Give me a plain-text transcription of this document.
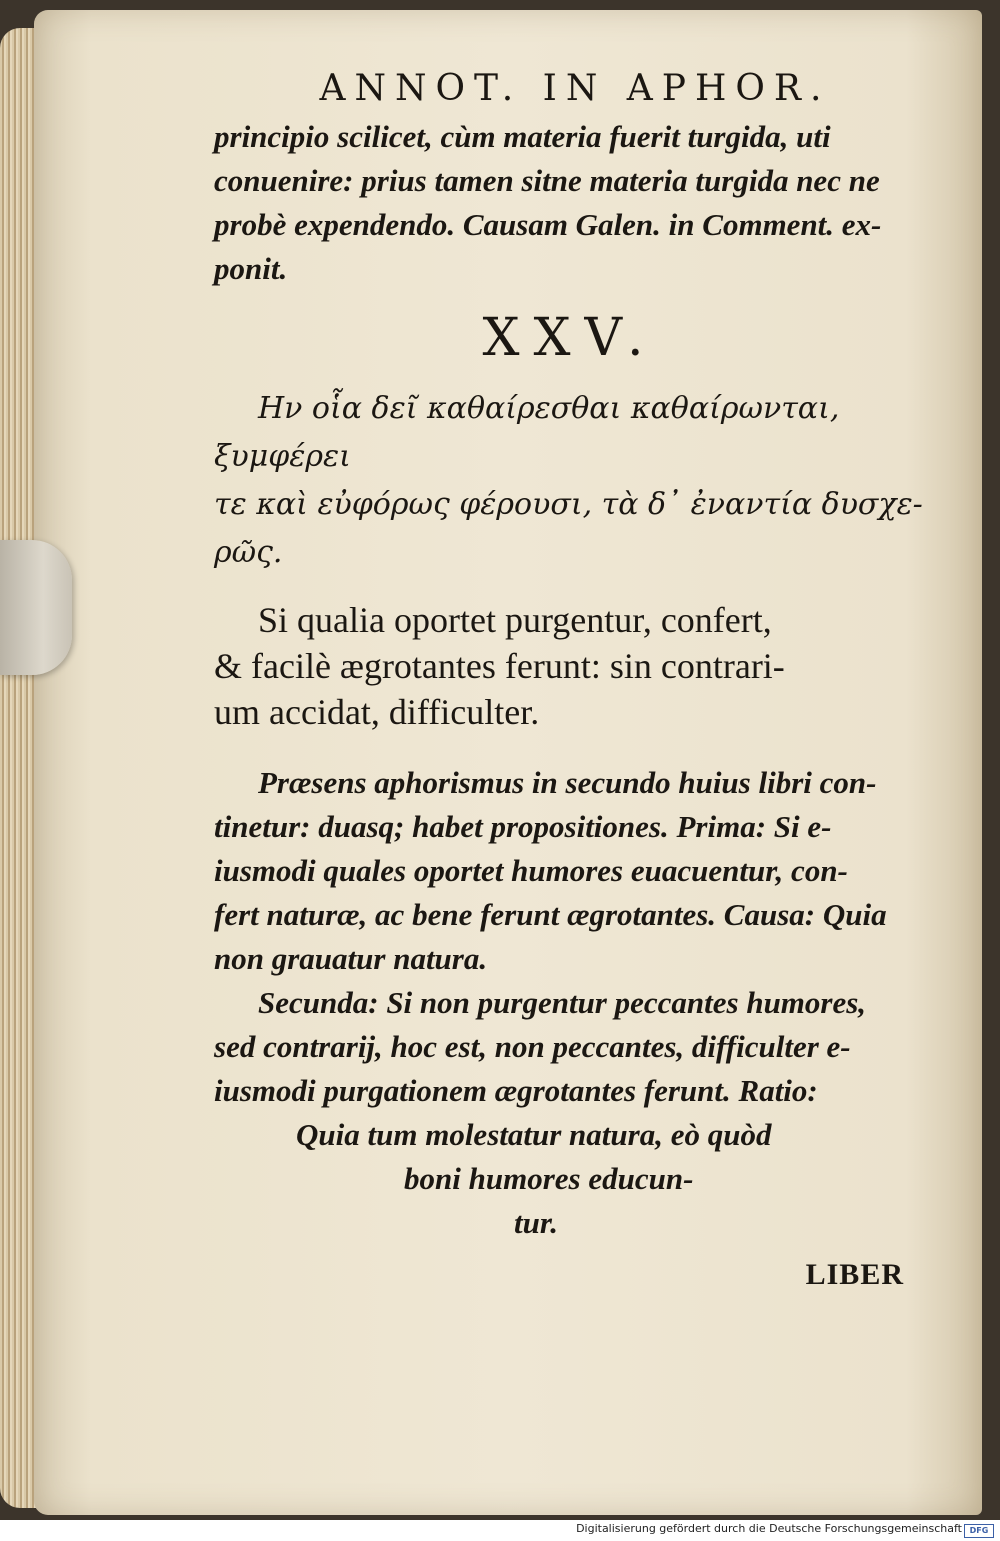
ANNOT. IN APHOR.

principio scilicet, cùm materia fuerit turgida, uti

conuenire: prius tamen sitne materia turgida nec ne

probè expendendo. Causam Galen. in Comment. ex-

ponit.

XXV.

Ην οἷα δεῖ καθαίρεσθαι καθαίρωνται, ξυμφέρει

τε καὶ εὐφόρως φέρουσι, τὰ δ᾽ ἐναντία δυσχε-

ρῶς.

Si qualia oportet purgentur, confert,

& facilè ægrotantes ferunt: sin contrari-

um accidat, difficulter.

Præsens aphorismus in secundo huius libri con-

tinetur: duasq; habet propositiones. Prima: Si e-

iusmodi quales oportet humores euacuentur, con-

fert naturæ, ac bene ferunt ægrotantes. Causa: Quia

non grauatur natura.

Secunda: Si non purgentur peccantes humores,

sed contrarij, hoc est, non peccantes, difficulter e-

iusmodi purgationem ægrotantes ferunt. Ratio:

Quia tum molestatur natura, eò quòd

boni humores educun-

tur.

LIBER
Digitalisierung gefördert durch die Deutsche Forschungsgemeinschaft DFG
